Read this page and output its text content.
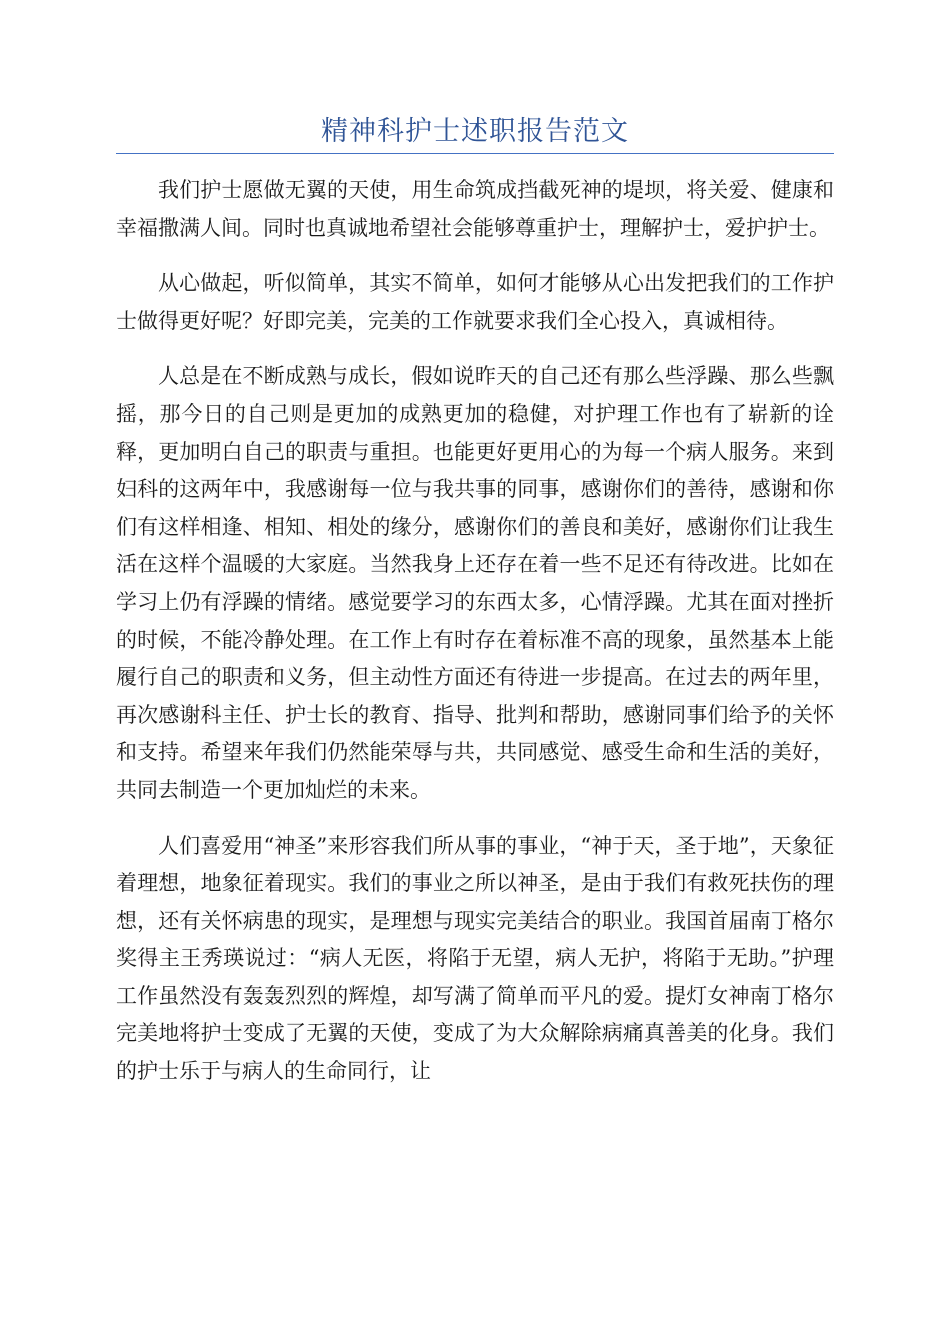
精神科护士述职报告范文

我们护士愿做无翼的天使，用生命筑成挡截死神的堤坝，将关爱、健康和幸福撒满人间。同时也真诚地希望社会能够尊重护士，理解护士，爱护护士。

从心做起，听似简单，其实不简单，如何才能够从心出发把我们的工作护士做得更好呢？好即完美，完美的工作就要求我们全心投入，真诚相待。

人总是在不断成熟与成长，假如说昨天的自己还有那么些浮躁、那么些飘摇，那今日的自己则是更加的成熟更加的稳健，对护理工作也有了崭新的诠释，更加明白自己的职责与重担。也能更好更用心的为每一个病人服务。来到妇科的这两年中，我感谢每一位与我共事的同事，感谢你们的善待，感谢和你们有这样相逢、相知、相处的缘分，感谢你们的善良和美好，感谢你们让我生活在这样个温暖的大家庭。当然我身上还存在着一些不足还有待改进。比如在学习上仍有浮躁的情绪。感觉要学习的东西太多，心情浮躁。尤其在面对挫折的时候，不能冷静处理。在工作上有时存在着标准不高的现象，虽然基本上能履行自己的职责和义务，但主动性方面还有待进一步提高。在过去的两年里，再次感谢科主任、护士长的教育、指导、批判和帮助，感谢同事们给予的关怀和支持。希望来年我们仍然能荣辱与共，共同感觉、感受生命和生活的美好，共同去制造一个更加灿烂的未来。

人们喜爱用“神圣”来形容我们所从事的事业，“神于天，圣于地”，天象征着理想，地象征着现实。我们的事业之所以神圣，是由于我们有救死扶伤的理想，还有关怀病患的现实，是理想与现实完美结合的职业。我国首届南丁格尔奖得主王秀瑛说过：“病人无医，将陷于无望，病人无护，将陷于无助。”护理工作虽然没有轰轰烈烈的辉煌，却写满了简单而平凡的爱。提灯女神南丁格尔完美地将护士变成了无翼的天使，变成了为大众解除病痛真善美的化身。我们的护士乐于与病人的生命同行，让
